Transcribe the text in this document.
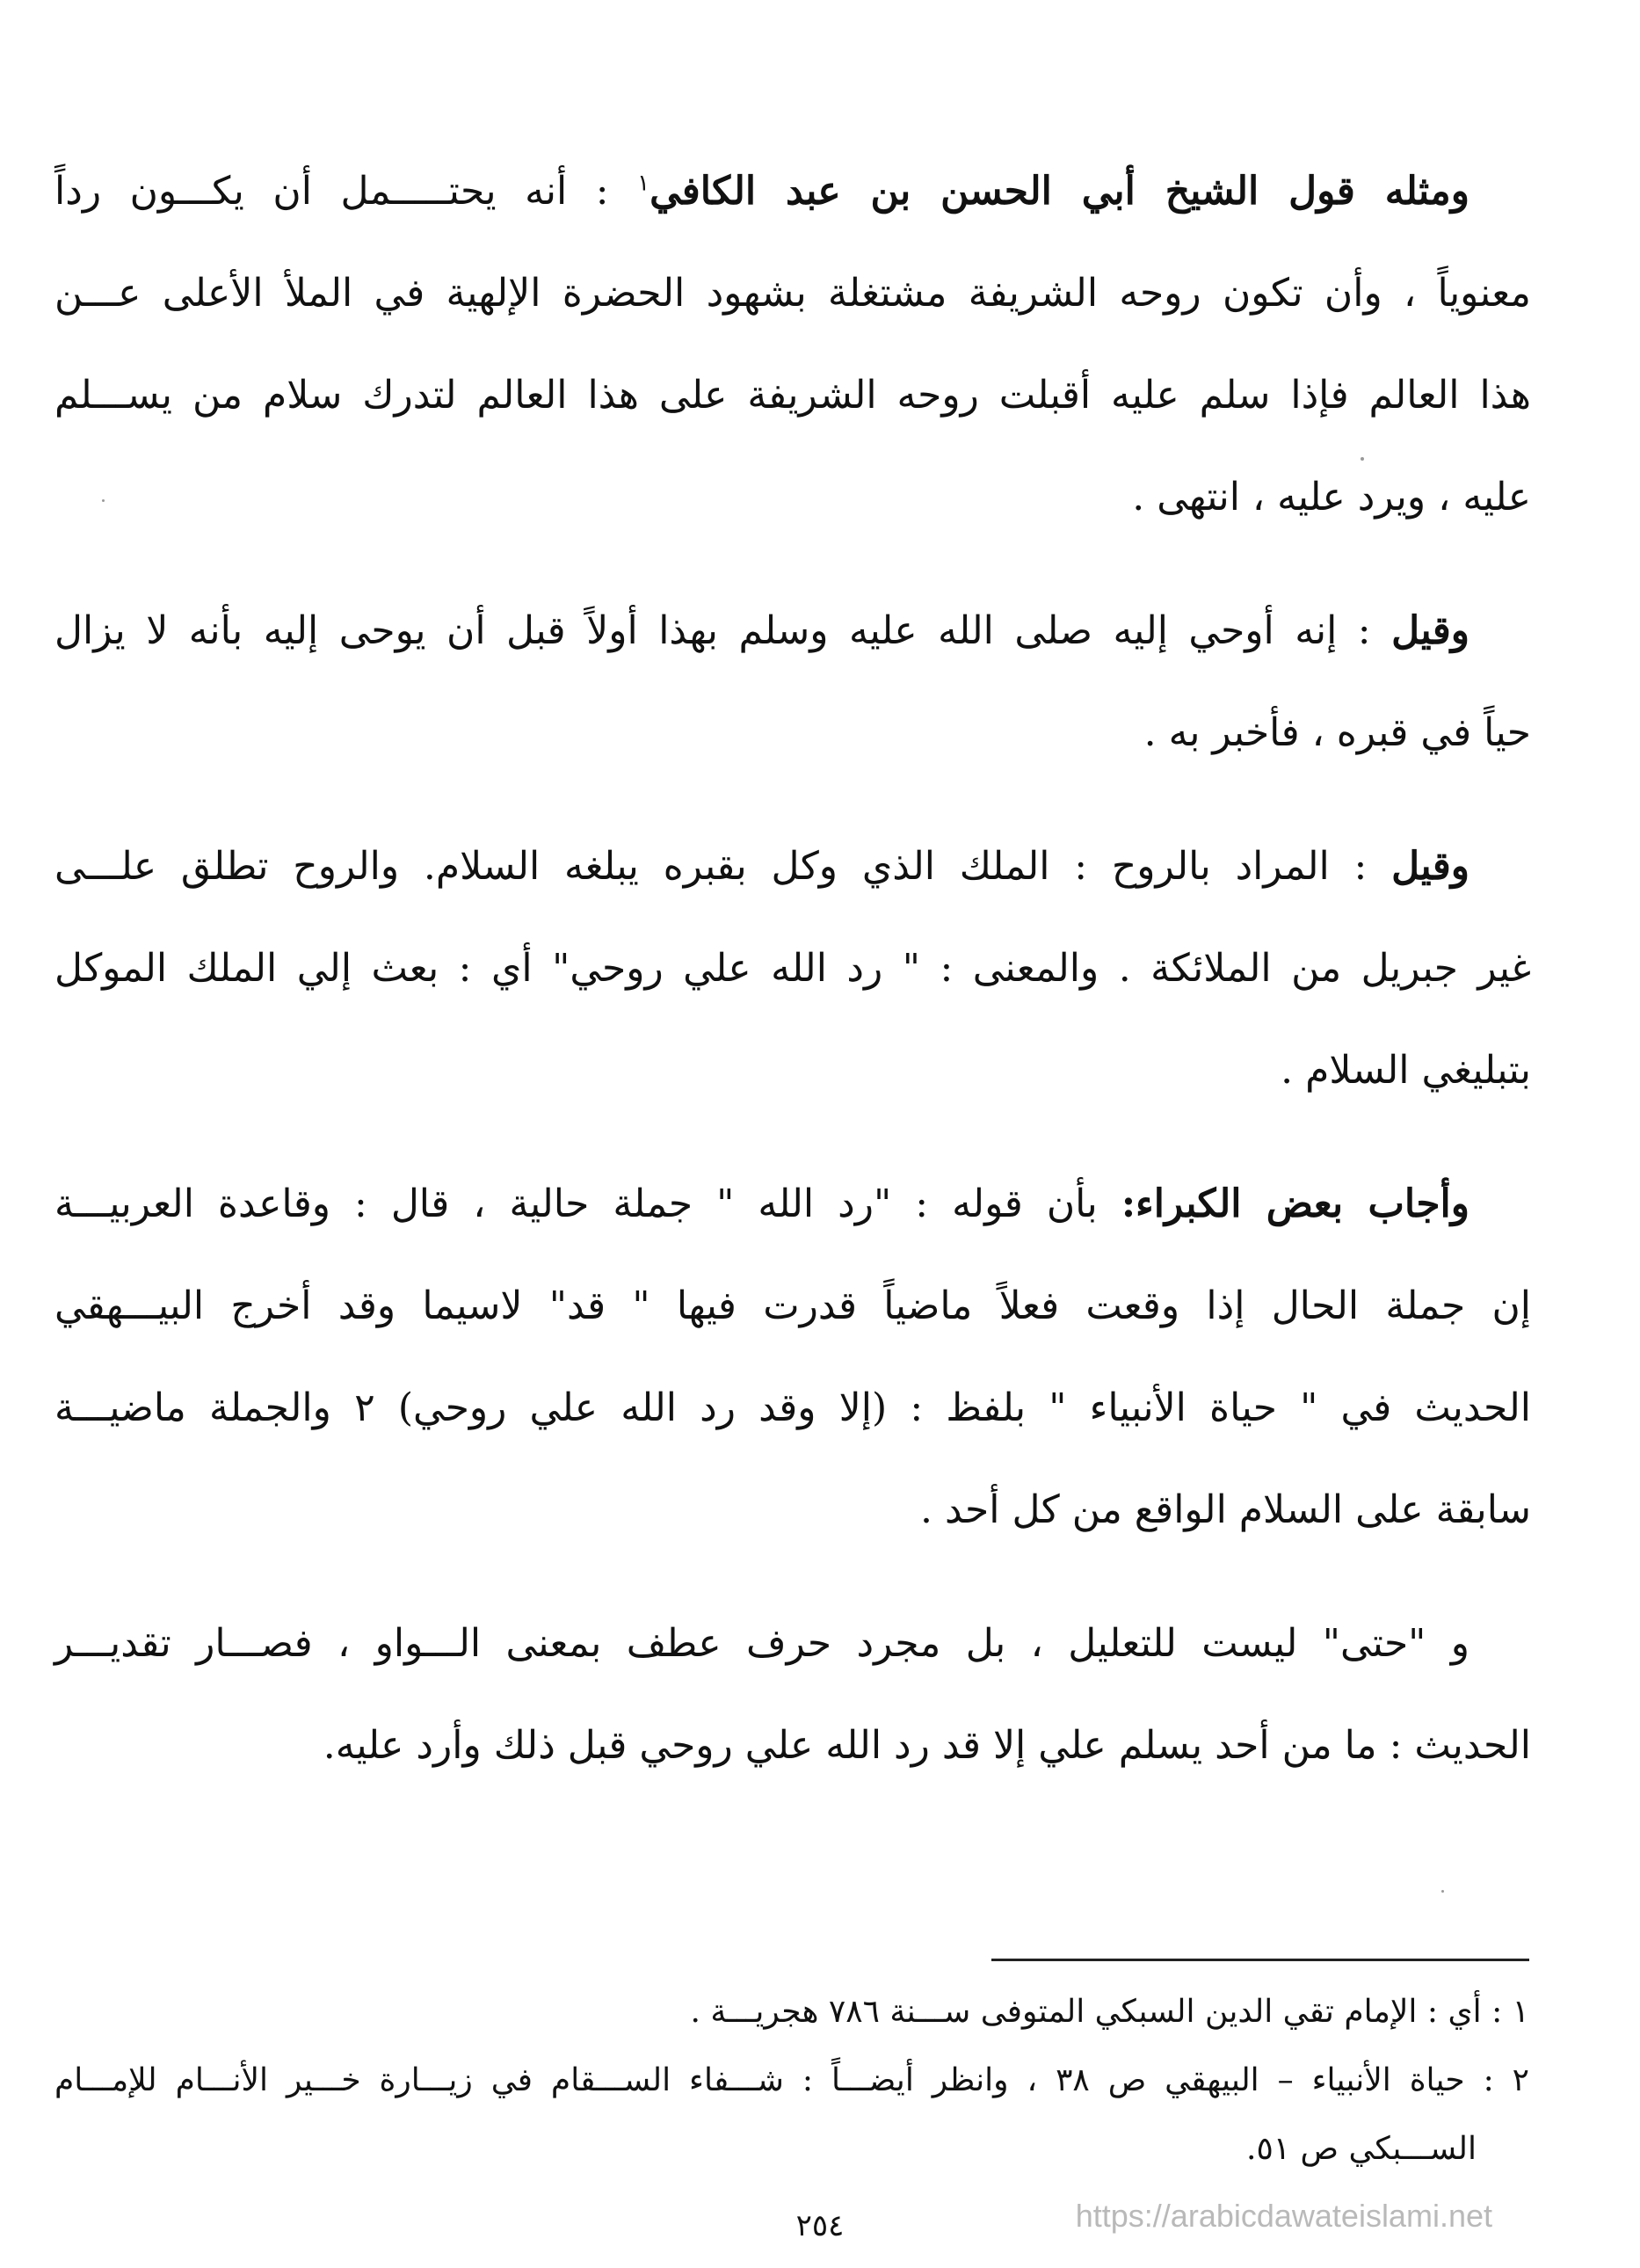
ومثله قول الشيخ أبي الحسن بن عبد الكافي$^١$ : أنه يحتـــــمل أن يكـــون رداً
معنوياً ، وأن تكون روحه الشريفة مشتغلة بشهود الحضرة الإلهية في الملأ الأعلى عـــن
هذا العالم فإذا سلم عليه أقبلت روحه الشريفة على هذا العالم لتدرك سلام من يســـلم
عليه ، ويرد عليه ، انتهى .

وقيل : إنه أوحي إليه صلى الله عليه وسلم بهذا أولاً قبل أن يوحى إليه بأنه لا يزال
حياً في قبره ، فأخبر به .

وقيل : المراد بالروح : الملك الذي وكل بقبره يبلغه السلام. والروح تطلق علـــى
غير جبريل من الملائكة . والمعنى : " رد الله علي روحي" أي : بعث إلي الملك الموكل
بتبليغي السلام .

وأجاب بعض الكبراء: بأن قوله : "رد الله " جملة حالية ، قال : وقاعدة العربيـــة
إن جملة الحال إذا وقعت فعلاً ماضياً قدرت فيها " قد" لاسيما وقد أخرج البيـــهقي
الحديث في " حياة الأنبياء " بلفظ : (إلا وقد رد الله علي روحي) ٢ والجملة ماضيـــة
سابقة على السلام الواقع من كل أحد .

و "حتى" ليست للتعليل ، بل مجرد حرف عطف بمعنى الـــواو ، فصـــار تقديـــر
الحديث : ما من أحد يسلم علي إلا قد رد الله علي روحي قبل ذلك وأرد عليه.

١ : أي : الإمام تقي الدين السبكي المتوفى ســـنة ٧٨٦ هجريـــة .
٢ : حياة الأنبياء – البيهقي ص ٣٨ ، وانظر أيضـــاً : شـــفاء الســـقام في زيـــارة خـــير الأنـــام للإمـــام
الســـبكي ص ٥١.
٢٥٤	https://arabicdawateislami.net
